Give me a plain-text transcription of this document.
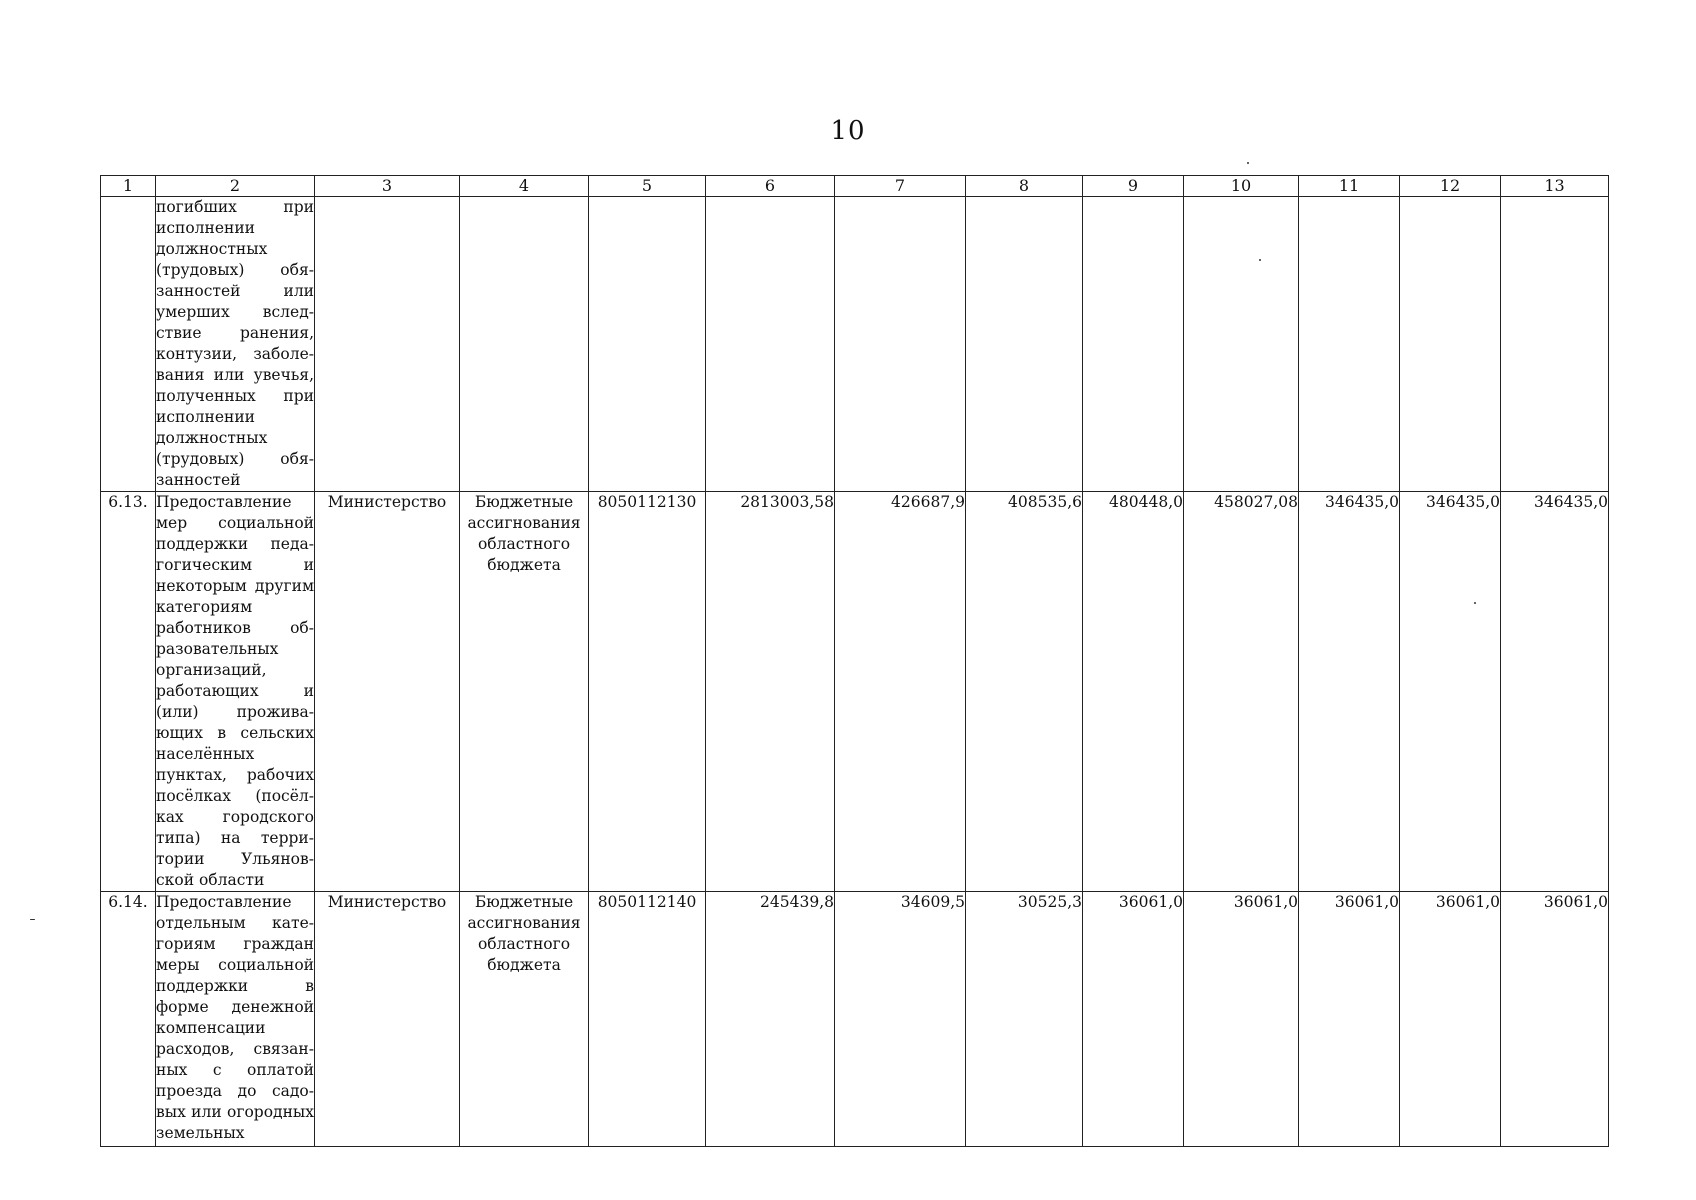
10
1	2	3	4	5	6	7	8	9	10	11	12	13
	погибших при исполнении должностных (трудовых) обязанностей или умерших вследствие ранения, контузии, заболевания или увечья, полученных при исполнении должностных (трудовых) обязанностей											
6.13.	Предоставление мер социальной поддержки педагогическим и некоторым другим категориям работников образовательных организаций, работающих и (или) проживающих в сельских населённых пунктах, рабочих посёлках (посёлках городского типа) на территории Ульяновской области	Министерство	Бюджетные ассигнования областного бюджета	8050112130	2813003,58	426687,9	408535,6	480448,0	458027,08	346435,0	346435,0	346435,0
6.14.	Предоставление отдельным категориям граждан меры социальной поддержки в форме денежной компенсации расходов, связанных с оплатой проезда до садовых или огородных земельных	Министерство	Бюджетные ассигнования областного бюджета	8050112140	245439,8	34609,5	30525,3	36061,0	36061,0	36061,0	36061,0	36061,0
